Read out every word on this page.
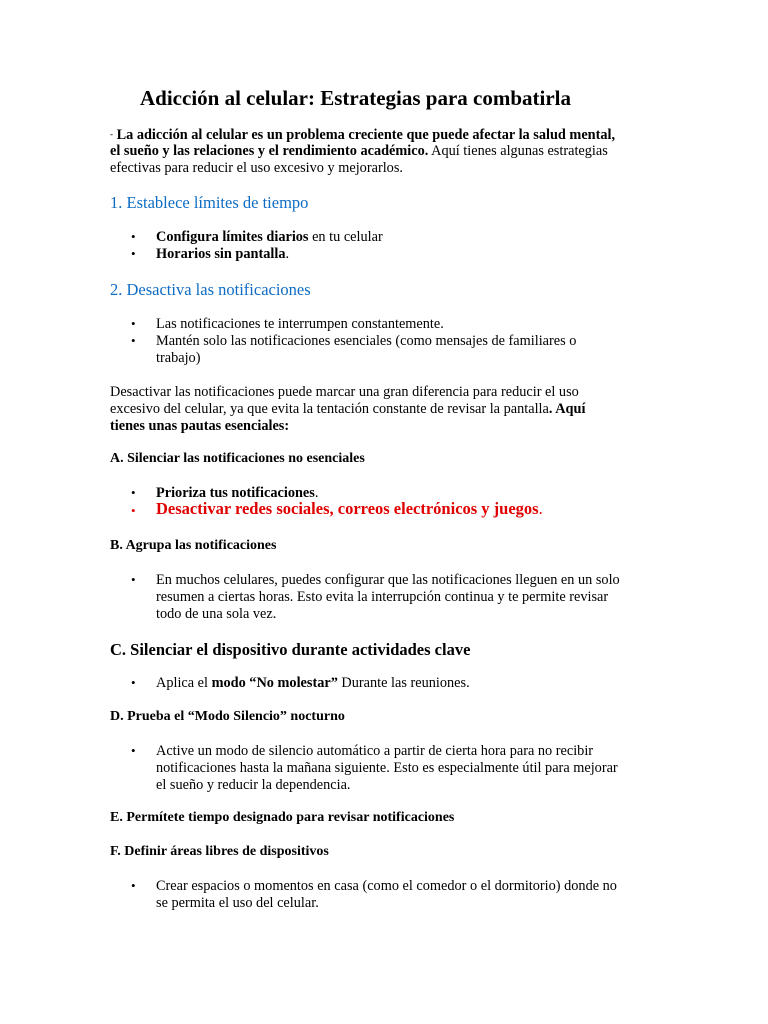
Adicción al celular: Estrategias para combatirla
- La adicción al celular es un problema creciente que puede afectar la salud mental,
el sueño y las relaciones y el rendimiento académico. Aquí tienes algunas estrategias
efectivas para reducir el uso excesivo y mejorarlos.
1. Establece límites de tiempo
• Configura límites diarios en tu celular
• Horarios sin pantalla.
2. Desactiva las notificaciones
• Las notificaciones te interrumpen constantemente.
• Mantén solo las notificaciones esenciales (como mensajes de familiares o
trabajo)
Desactivar las notificaciones puede marcar una gran diferencia para reducir el uso
excesivo del celular, ya que evita la tentación constante de revisar la pantalla. Aquí
tienes unas pautas esenciales:
A. Silenciar las notificaciones no esenciales
• Prioriza tus notificaciones.
• Desactivar redes sociales, correos electrónicos y juegos.
B. Agrupa las notificaciones
• En muchos celulares, puedes configurar que las notificaciones lleguen en un solo
resumen a ciertas horas. Esto evita la interrupción continua y te permite revisar
todo de una sola vez.
C. Silenciar el dispositivo durante actividades clave
• Aplica el modo “No molestar” Durante las reuniones.
D. Prueba el “Modo Silencio” nocturno
• Active un modo de silencio automático a partir de cierta hora para no recibir
notificaciones hasta la mañana siguiente. Esto es especialmente útil para mejorar
el sueño y reducir la dependencia.
E. Permítete tiempo designado para revisar notificaciones
F. Definir áreas libres de dispositivos
• Crear espacios o momentos en casa (como el comedor o el dormitorio) donde no
se permita el uso del celular.
